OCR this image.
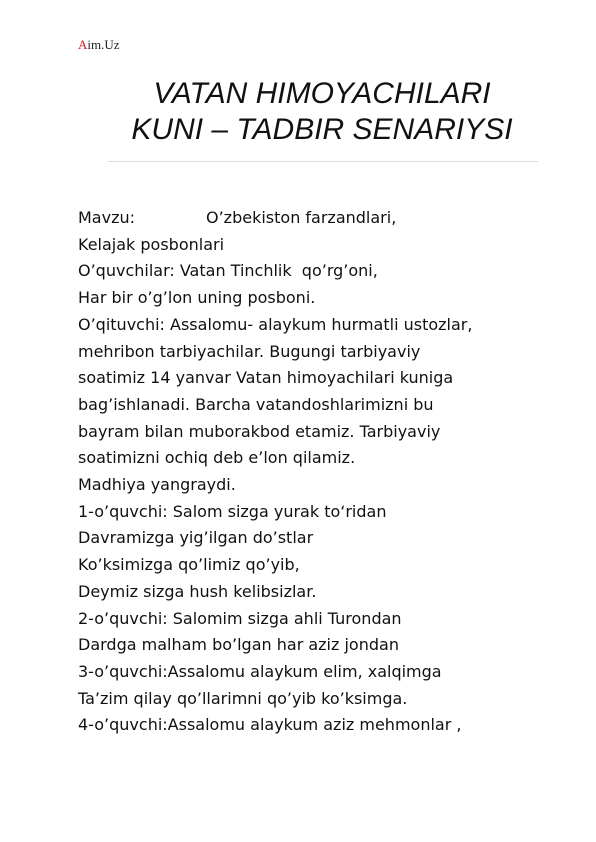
Aim.Uz
VATAN HIMOYACHILARI
KUNI – TADBIR SENARIYSI
Mavzu:	O’zbekiston farzandlari,
Kelajak posbonlari
O’quvchilar: Vatan Tinchlik  qo’rg’oni,
Har bir o’g’lon uning posboni.
O’qituvchi: Assalomu- alaykum hurmatli ustozlar,
mehribon tarbiyachilar. Bugungi tarbiyaviy
soatimiz 14 yanvar Vatan himoyachilari kuniga
bag’ishlanadi. Barcha vatandoshlarimizni bu
bayram bilan muborakbod etamiz. Tarbiyaviy
soatimizni ochiq deb e’lon qilamiz.
Madhiya yangraydi.
1-o’quvchi: Salom sizga yurak to‘ridan
Davramizga yig’ilgan do’stlar
Ko’ksimizga qo’limiz qo’yib,
Deymiz sizga hush kelibsizlar.
2-o’quvchi: Salomim sizga ahli Turondan
Dardga malham bo’lgan har aziz jondan
3-o’quvchi:Assalomu alaykum elim, xalqimga
Ta’zim qilay qo’llarimni qo’yib ko’ksimga.
4-o’quvchi:Assalomu alaykum aziz mehmonlar ,
